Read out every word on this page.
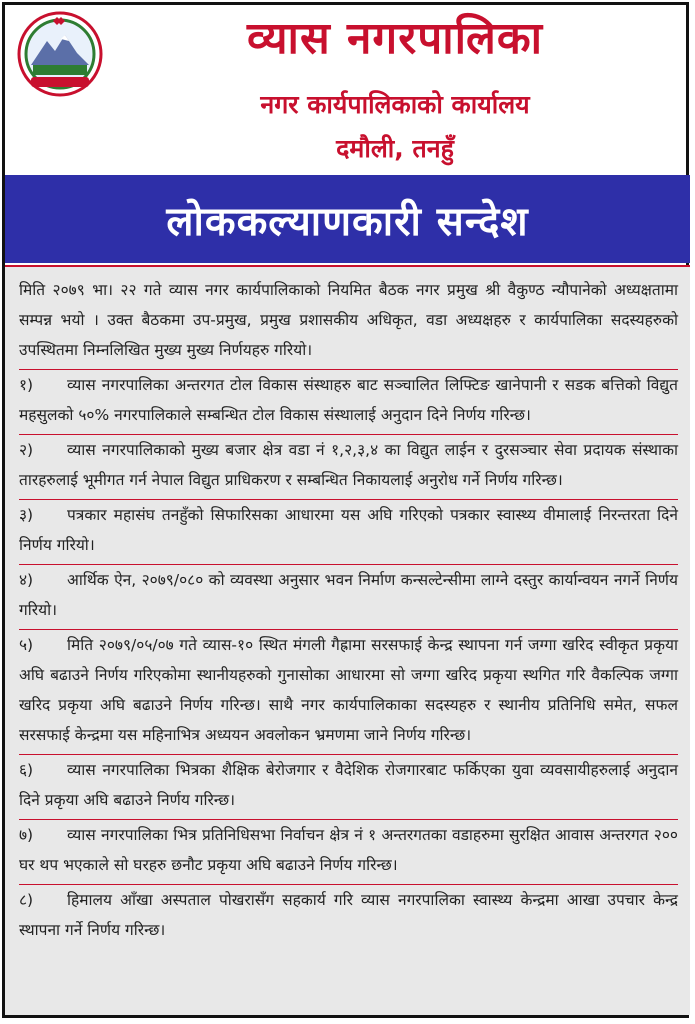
व्यास नगरपालिका
नगर कार्यपालिकाको कार्यालय
दमौली, तनहुँ
लोककल्याणकारी सन्देश

मिति २०७९ भा। २२ गते व्यास नगर कार्यपालिकाको नियमित बैठक नगर प्रमुख श्री वैकुण्ठ न्यौपानेको अध्यक्षतामा सम्पन्न भयो । उक्त बैठकमा उप-प्रमुख, प्रमुख प्रशासकीय अधिकृत, वडा अध्यक्षहरु र कार्यपालिका सदस्यहरुको उपस्थितमा निम्नलिखित मुख्य मुख्य निर्णयहरु गरियो।

१) व्यास नगरपालिका अन्तरगत टोल विकास संस्थाहरु बाट सञ्चालित लिफ्टिङ खानेपानी र सडक बत्तिको विद्युत महसुलको ५०% नगरपालिकाले सम्बन्धित टोल विकास संस्थालाई अनुदान दिने निर्णय गरिन्छ।

२) व्यास नगरपालिकाको मुख्य बजार क्षेत्र वडा नं १,२,३,४ का विद्युत लाईन र दुरसञ्चार सेवा प्रदायक संस्थाका तारहरुलाई भूमीगत गर्न नेपाल विद्युत प्राधिकरण र सम्बन्धित निकायलाई अनुरोध गर्ने निर्णय गरिन्छ।

३) पत्रकार महासंघ तनहुँको सिफारिसका आधारमा यस अघि गरिएको पत्रकार स्वास्थ्य वीमालाई निरन्तरता दिने निर्णय गरियो।

४) आर्थिक ऐन, २०७९/०८० को व्यवस्था अनुसार भवन निर्माण कन्सल्टेन्सीमा लाग्ने दस्तुर कार्यान्वयन नगर्ने निर्णय गरियो।

५) मिति २०७९/०५/०७ गते व्यास-१० स्थित मंगली गैह्रामा सरसफाई केन्द्र स्थापना गर्न जग्गा खरिद स्वीकृत प्रकृया अघि बढाउने निर्णय गरिएकोमा स्थानीयहरुको गुनासोका आधारमा सो जग्गा खरिद प्रकृया स्थगित गरि वैकल्पिक जग्गा खरिद प्रकृया अघि बढाउने निर्णय गरिन्छ। साथै नगर कार्यपालिकाका सदस्यहरु र स्थानीय प्रतिनिधि समेत, सफल सरसफाई केन्द्रमा यस महिनाभित्र अध्ययन अवलोकन भ्रमणमा जाने निर्णय गरिन्छ।

६) व्यास नगरपालिका भित्रका शैक्षिक बेरोजगार र वैदेशिक रोजगारबाट फर्किएका युवा व्यवसायीहरुलाई अनुदान दिने प्रकृया अघि बढाउने निर्णय गरिन्छ।

७) व्यास नगरपालिका भित्र प्रतिनिधिसभा निर्वाचन क्षेत्र नं १ अन्तरगतका वडाहरुमा सुरक्षित आवास अन्तरगत २०० घर थप भएकाले सो घरहरु छनौट प्रकृया अघि बढाउने निर्णय गरिन्छ।

८) हिमालय आँखा अस्पताल पोखरासँग सहकार्य गरि व्यास नगरपालिका स्वास्थ्य केन्द्रमा आखा उपचार केन्द्र स्थापना गर्ने निर्णय गरिन्छ।
